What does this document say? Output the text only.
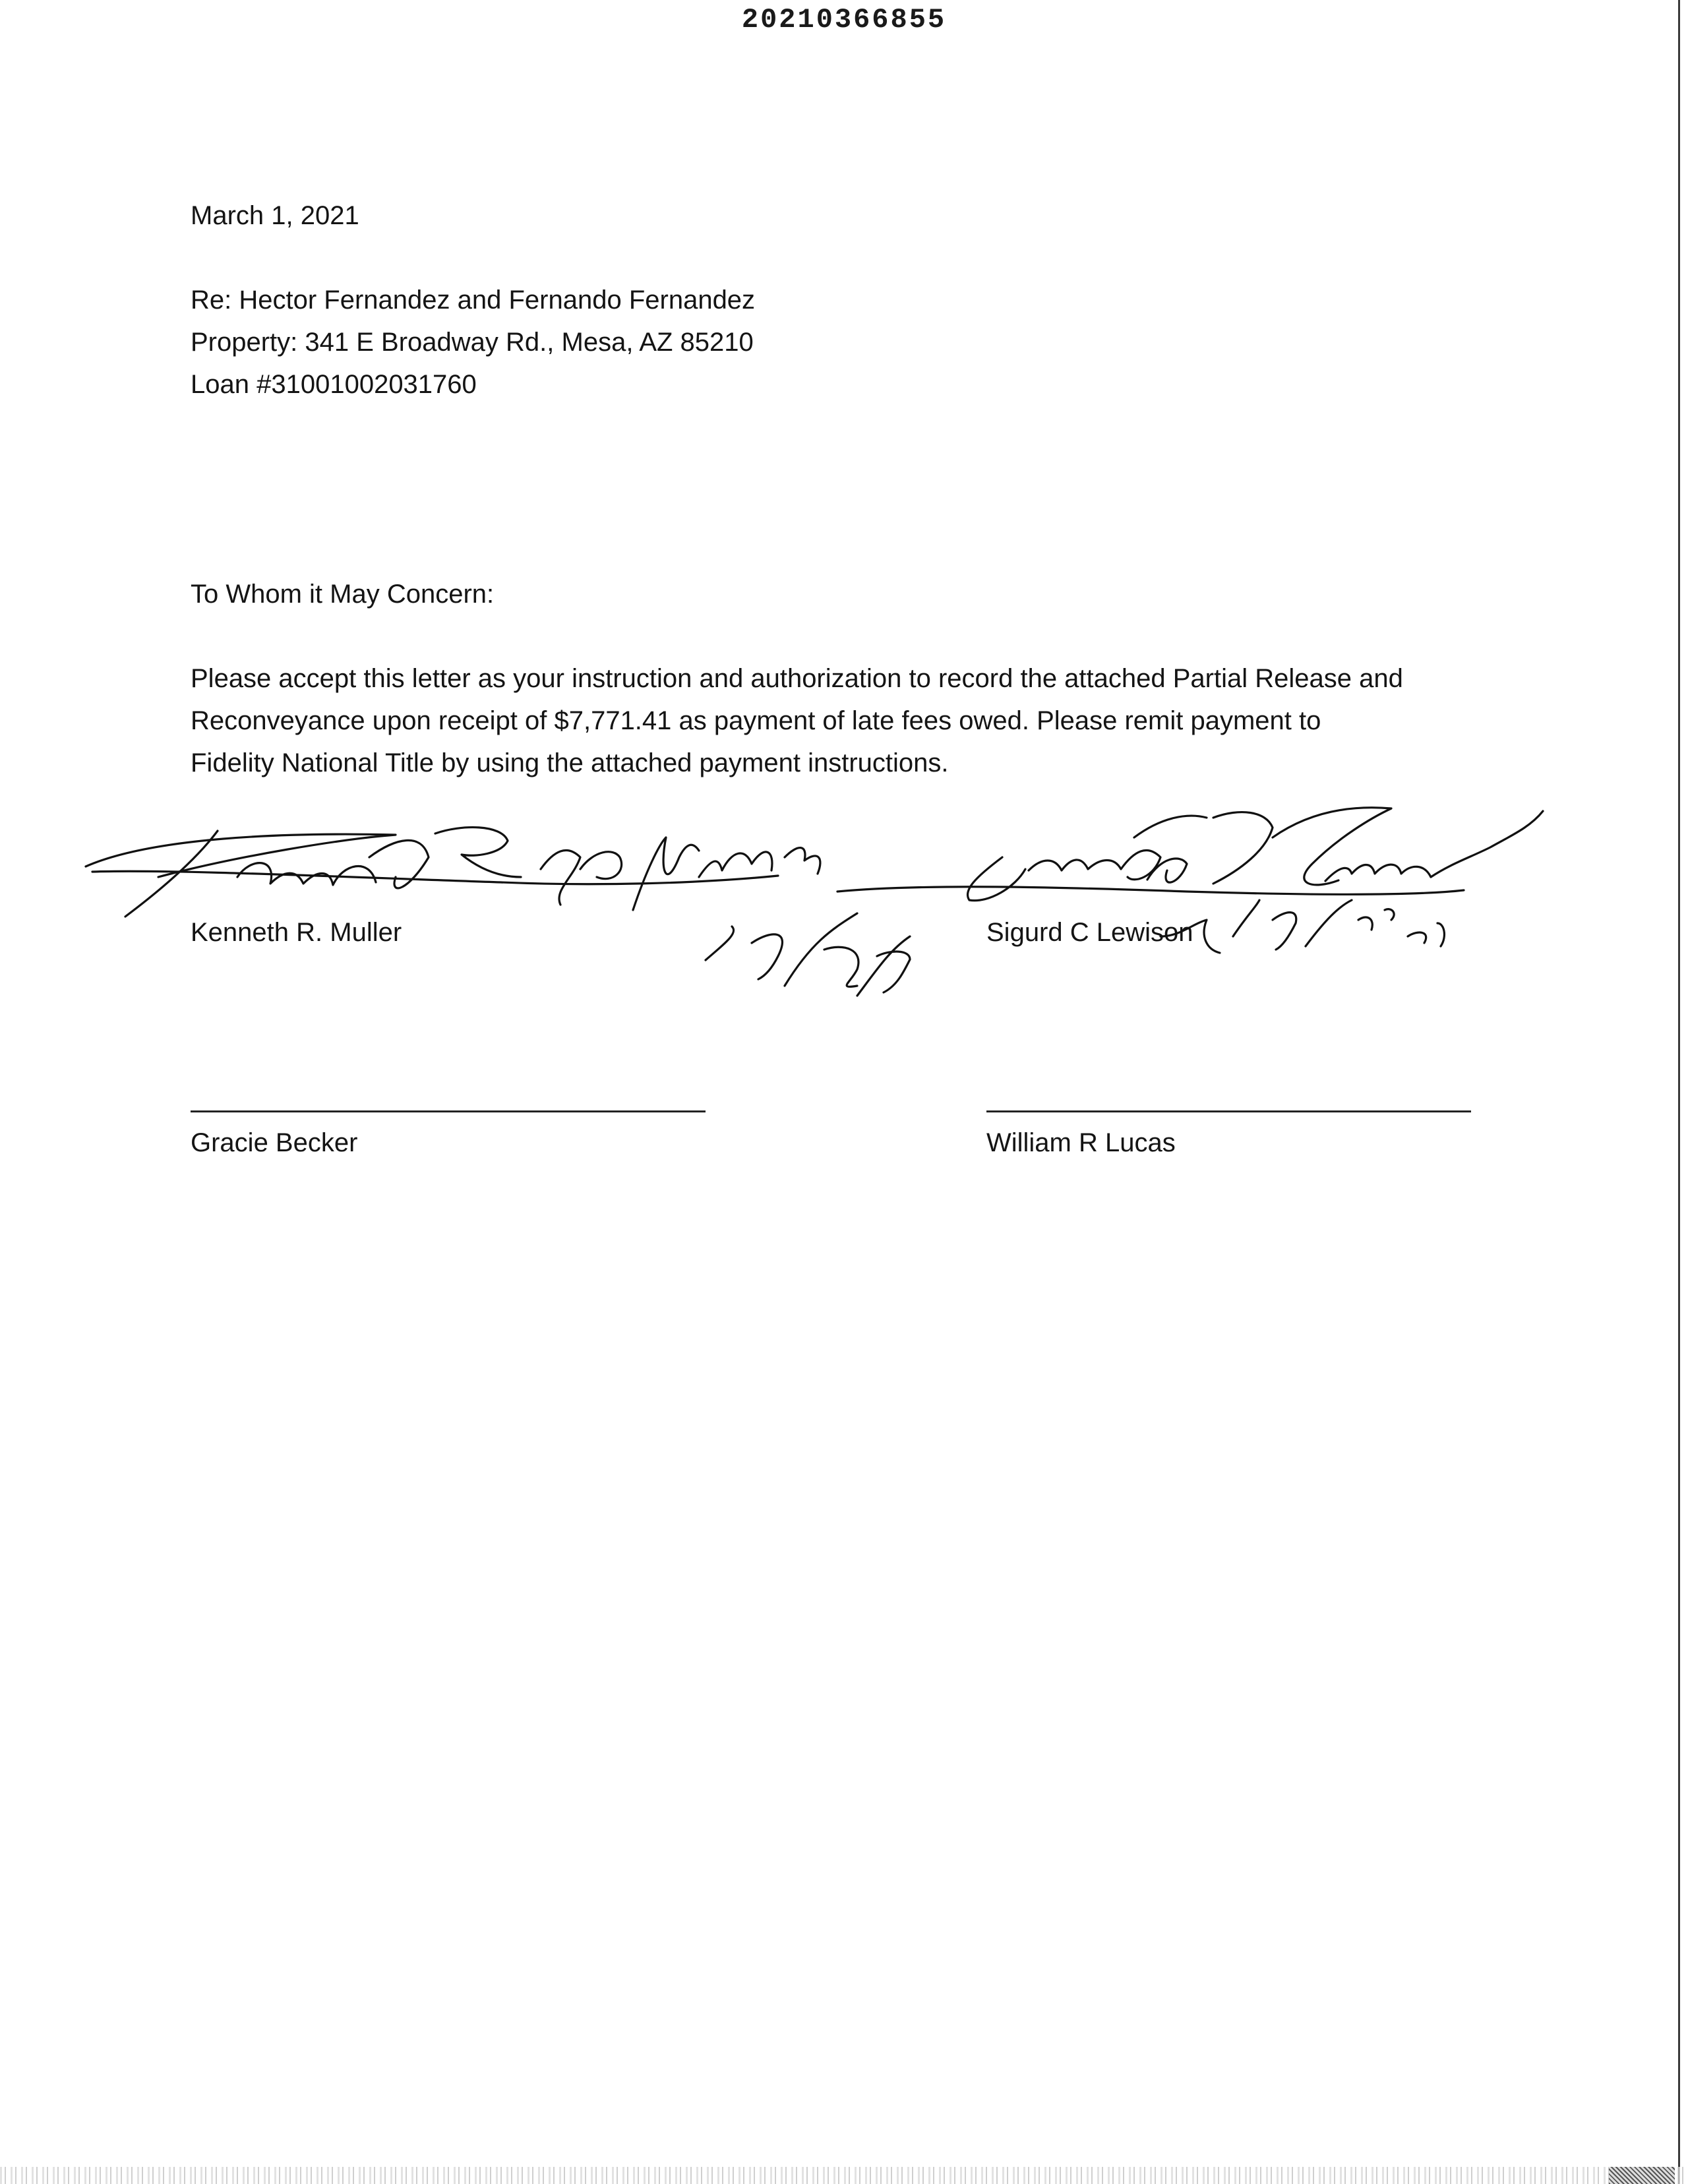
20210366855
March 1, 2021
Re: Hector Fernandez and Fernando Fernandez
Property: 341 E Broadway Rd., Mesa, AZ 85210
Loan #31001002031760
To Whom it May Concern:
Please accept this letter as your instruction and authorization to record the attached Partial Release and
Reconveyance upon receipt of $7,771.41 as payment of late fees owed. Please remit payment to
Fidelity National Title by using the attached payment instructions.
Kenneth R. Muller	Sigurd C Lewison
Gracie Becker	William R Lucas
